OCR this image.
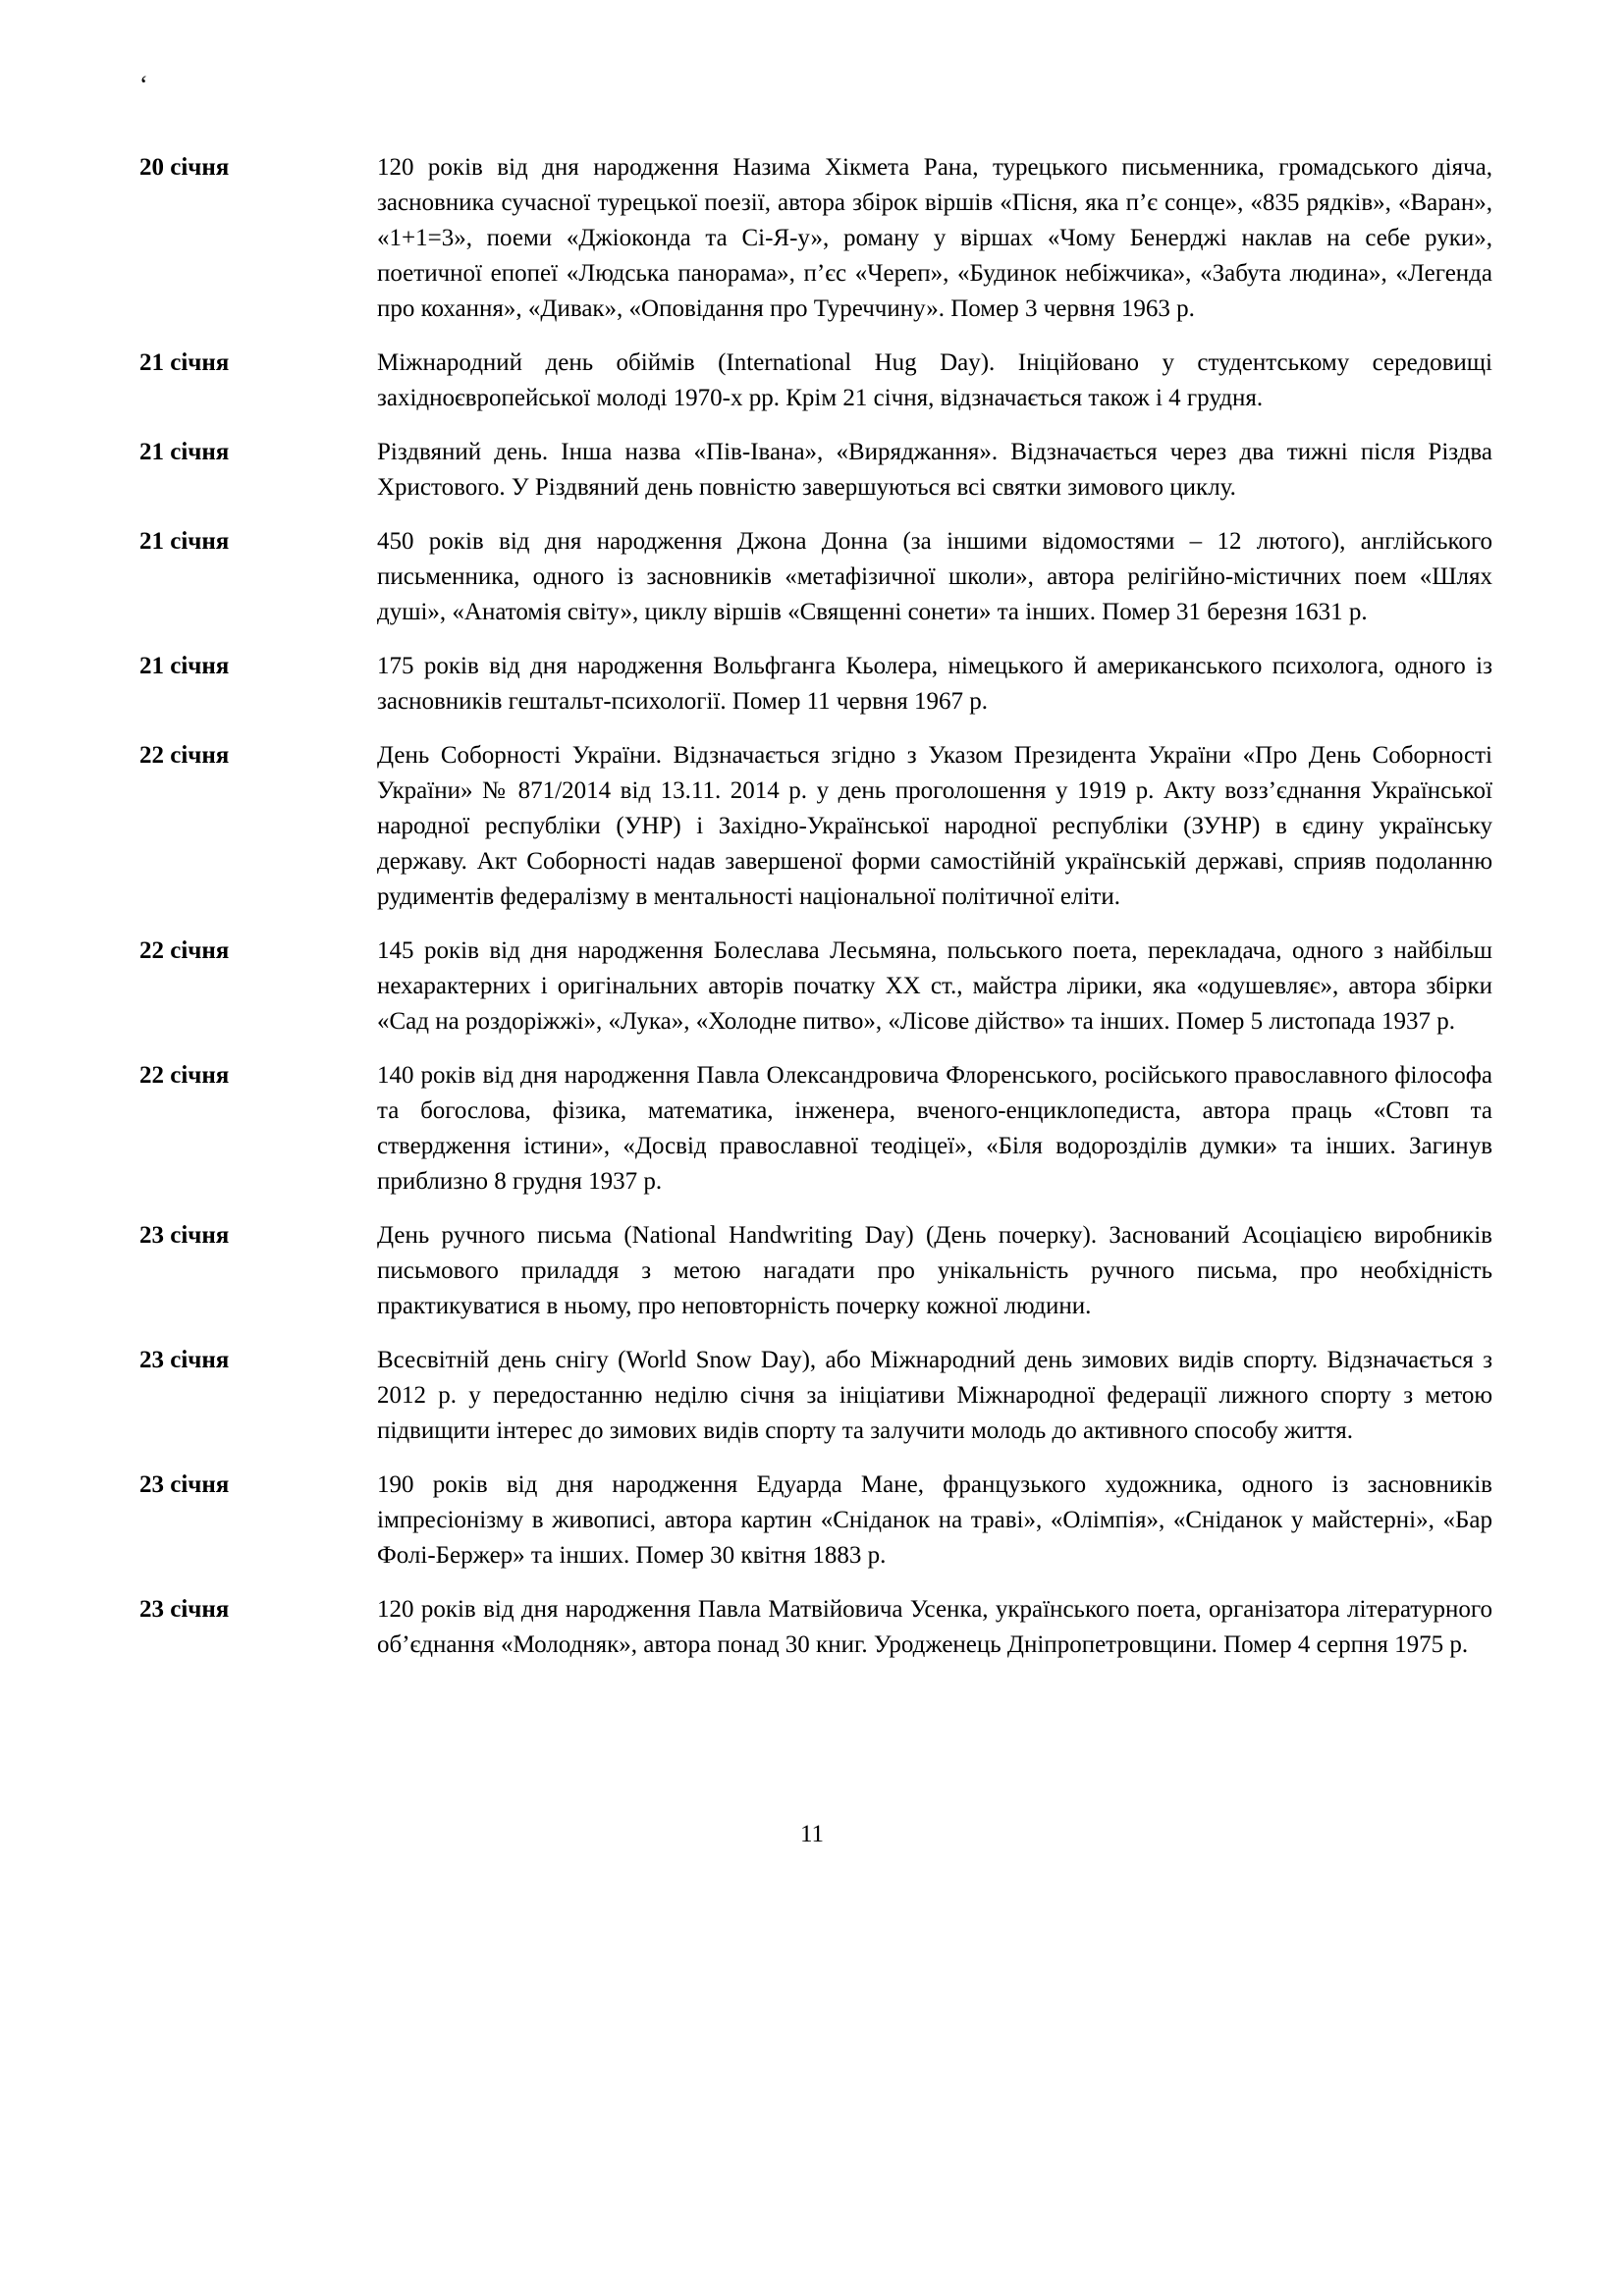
‘
20 січня	120 років від дня народження Назима Хікмета Рана, турецького письменника, громадського діяча, засновника сучасної турецької поезії, автора збірок віршів «Пісня, яка п’є сонце», «835 рядків», «Варан», «1+1=3», поеми «Джіоконда та Сі-Я-у», роману у віршах «Чому Бенерджі наклав на себе руки», поетичної епопеї «Людська панорама», п’єс «Череп», «Будинок небіжчика», «Забута людина», «Легенда про кохання», «Дивак», «Оповідання про Туреччину». Помер 3 червня 1963 р.
21 січня	Міжнародний день обіймів (International Hug Day). Ініційовано у студентському середовищі західноєвропейської молоді 1970-х рр. Крім 21 січня, відзначається також і 4 грудня.
21 січня	Різдвяний день. Інша назва «Пів-Івана», «Виряджання». Відзначається через два тижні після Різдва Христового. У Різдвяний день повністю завершуються всі святки зимового циклу.
21 січня	450 років від дня народження Джона Донна (за іншими відомостями – 12 лютого), англійського письменника, одного із засновників «метафізичної школи», автора релігійно-містичних поем «Шлях душі», «Анатомія світу», циклу віршів «Священні сонети» та інших. Помер 31 березня 1631 р.
21 січня	175 років від дня народження Вольфганга Кьолера, німецького й американського психолога, одного із засновників гештальт-психології. Помер 11 червня 1967 р.
22 січня	День Соборності України. Відзначається згідно з Указом Президента України «Про День Соборності України» № 871/2014 від 13.11. 2014 р. у день проголошення у 1919 р. Акту возз’єднання Української народної республіки (УНР) і Західно-Української народної республіки (ЗУНР) в єдину українську державу. Акт Соборності надав завершеної форми самостійній українській державі, сприяв подоланню рудиментів федералізму в ментальності національної політичної еліти.
22 січня	145 років від дня народження Болеслава Лесьмяна, польського поета, перекладача, одного з найбільш нехарактерних і оригінальних авторів початку ХХ ст., майстра лірики, яка «одушевляє», автора збірки «Сад на роздоріжжі», «Лука», «Холодне питво», «Лісове дійство» та інших. Помер 5 листопада 1937 р.
22 січня	140 років від дня народження Павла Олександровича Флоренського, російського православного філософа та богослова, фізика, математика, інженера, вченого-енциклопедиста, автора праць «Стовп та ствердження істини», «Досвід православної теодіцеї», «Біля водорозділів думки» та інших. Загинув приблизно 8 грудня 1937 р.
23 січня	День ручного письма (National Handwriting Day) (День почерку). Заснований Асоціацією виробників письмового приладдя з метою нагадати про унікальність ручного письма, про необхідність практикуватися в ньому, про неповторність почерку кожної людини.
23 січня	Всесвітній день снігу (World Snow Day), або Міжнародний день зимових видів спорту. Відзначається з 2012 р. у передостанню неділю січня за ініціативи Міжнародної федерації лижного спорту з метою підвищити інтерес до зимових видів спорту та залучити молодь до активного способу життя.
23 січня	190 років від дня народження Едуарда Мане, французького художника, одного із засновників імпресіонізму в живописі, автора картин «Сніданок на траві», «Олімпія», «Сніданок у майстерні», «Бар Фолі-Бержер» та інших. Помер 30 квітня 1883 р.
23 січня	120 років від дня народження Павла Матвійовича Усенка, українського поета, організатора літературного об’єднання «Молодняк», автора понад 30 книг. Уродженець Дніпропетровщини. Помер 4 серпня 1975 р.
11
